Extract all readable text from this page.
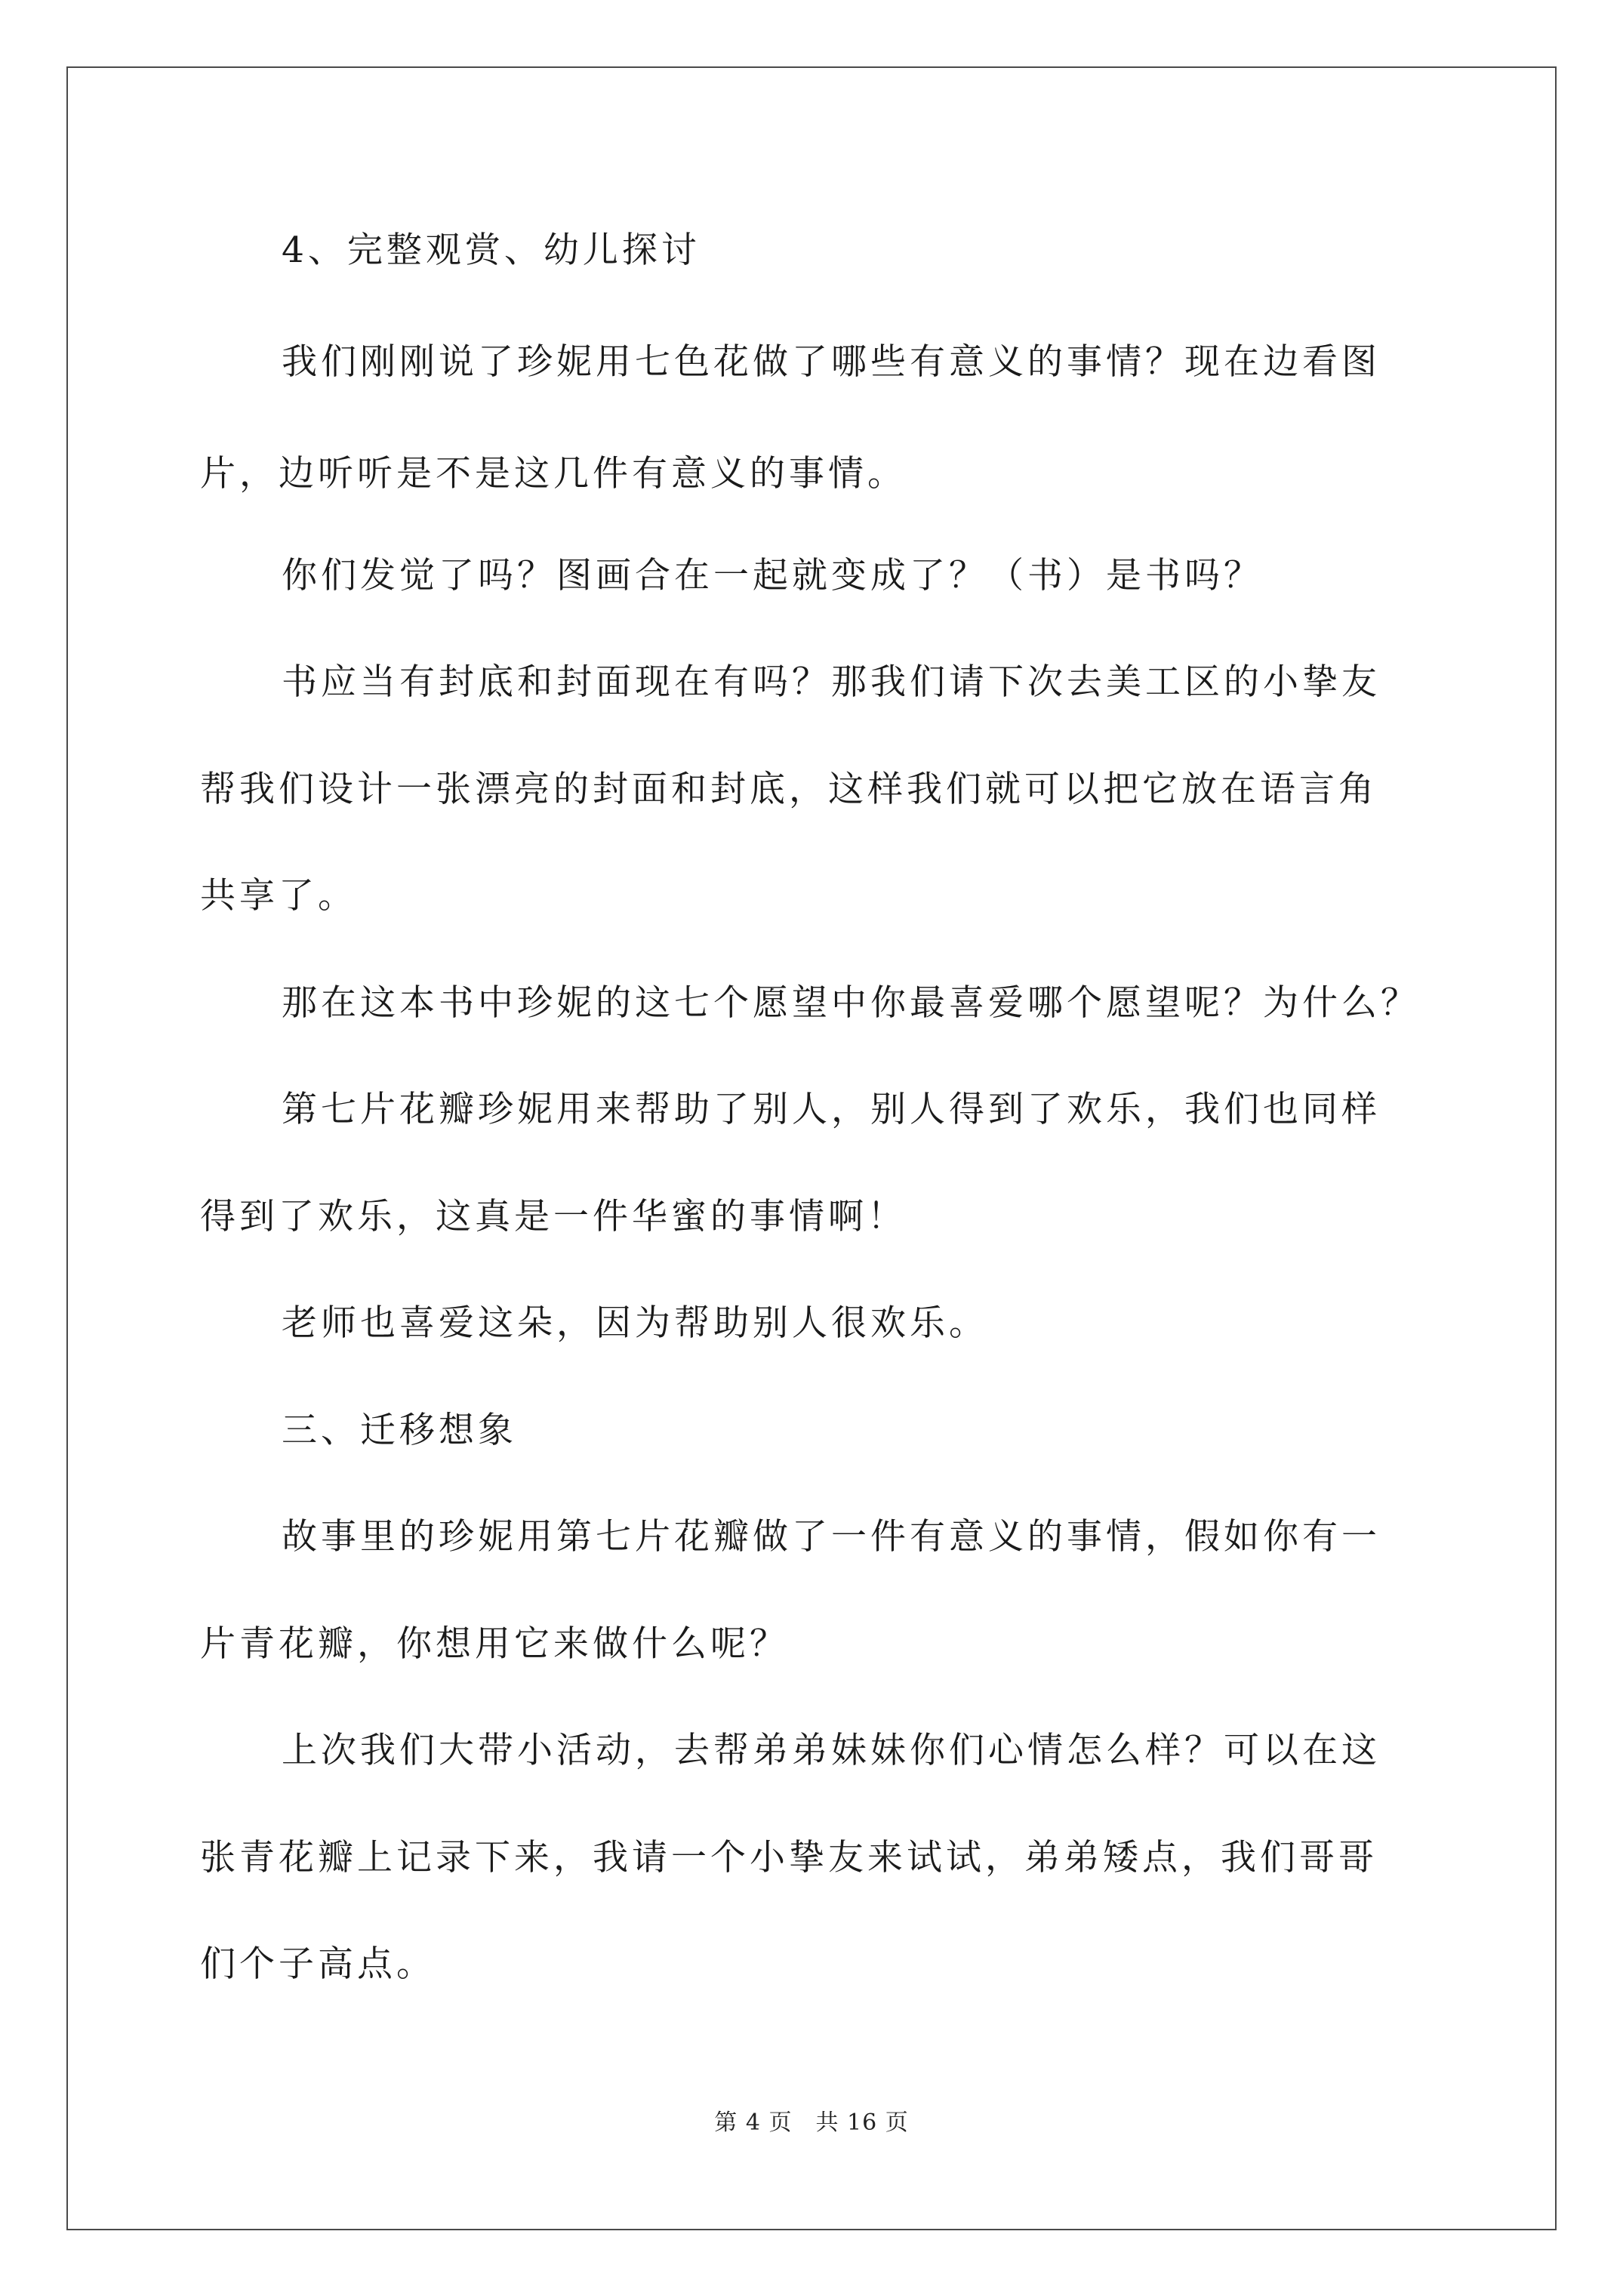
4、完整观赏、幼儿探讨
我们刚刚说了珍妮用七色花做了哪些有意义的事情？现在边看图
片，边听听是不是这几件有意义的事情。
你们发觉了吗？图画合在一起就变成了？（书）是书吗？
书应当有封底和封面现在有吗？那我们请下次去美工区的小挚友
帮我们设计一张漂亮的封面和封底，这样我们就可以把它放在语言角
共享了。
那在这本书中珍妮的这七个愿望中你最喜爱哪个愿望呢？为什么？
第七片花瓣珍妮用来帮助了别人，别人得到了欢乐，我们也同样
得到了欢乐，这真是一件华蜜的事情啊！
老师也喜爱这朵，因为帮助别人很欢乐。
三、迁移想象
故事里的珍妮用第七片花瓣做了一件有意义的事情，假如你有一
片青花瓣，你想用它来做什么呢？
上次我们大带小活动，去帮弟弟妹妹你们心情怎么样？可以在这
张青花瓣上记录下来，我请一个小挚友来试试，弟弟矮点，我们哥哥
们个子高点。
第 4 页　共 16 页
